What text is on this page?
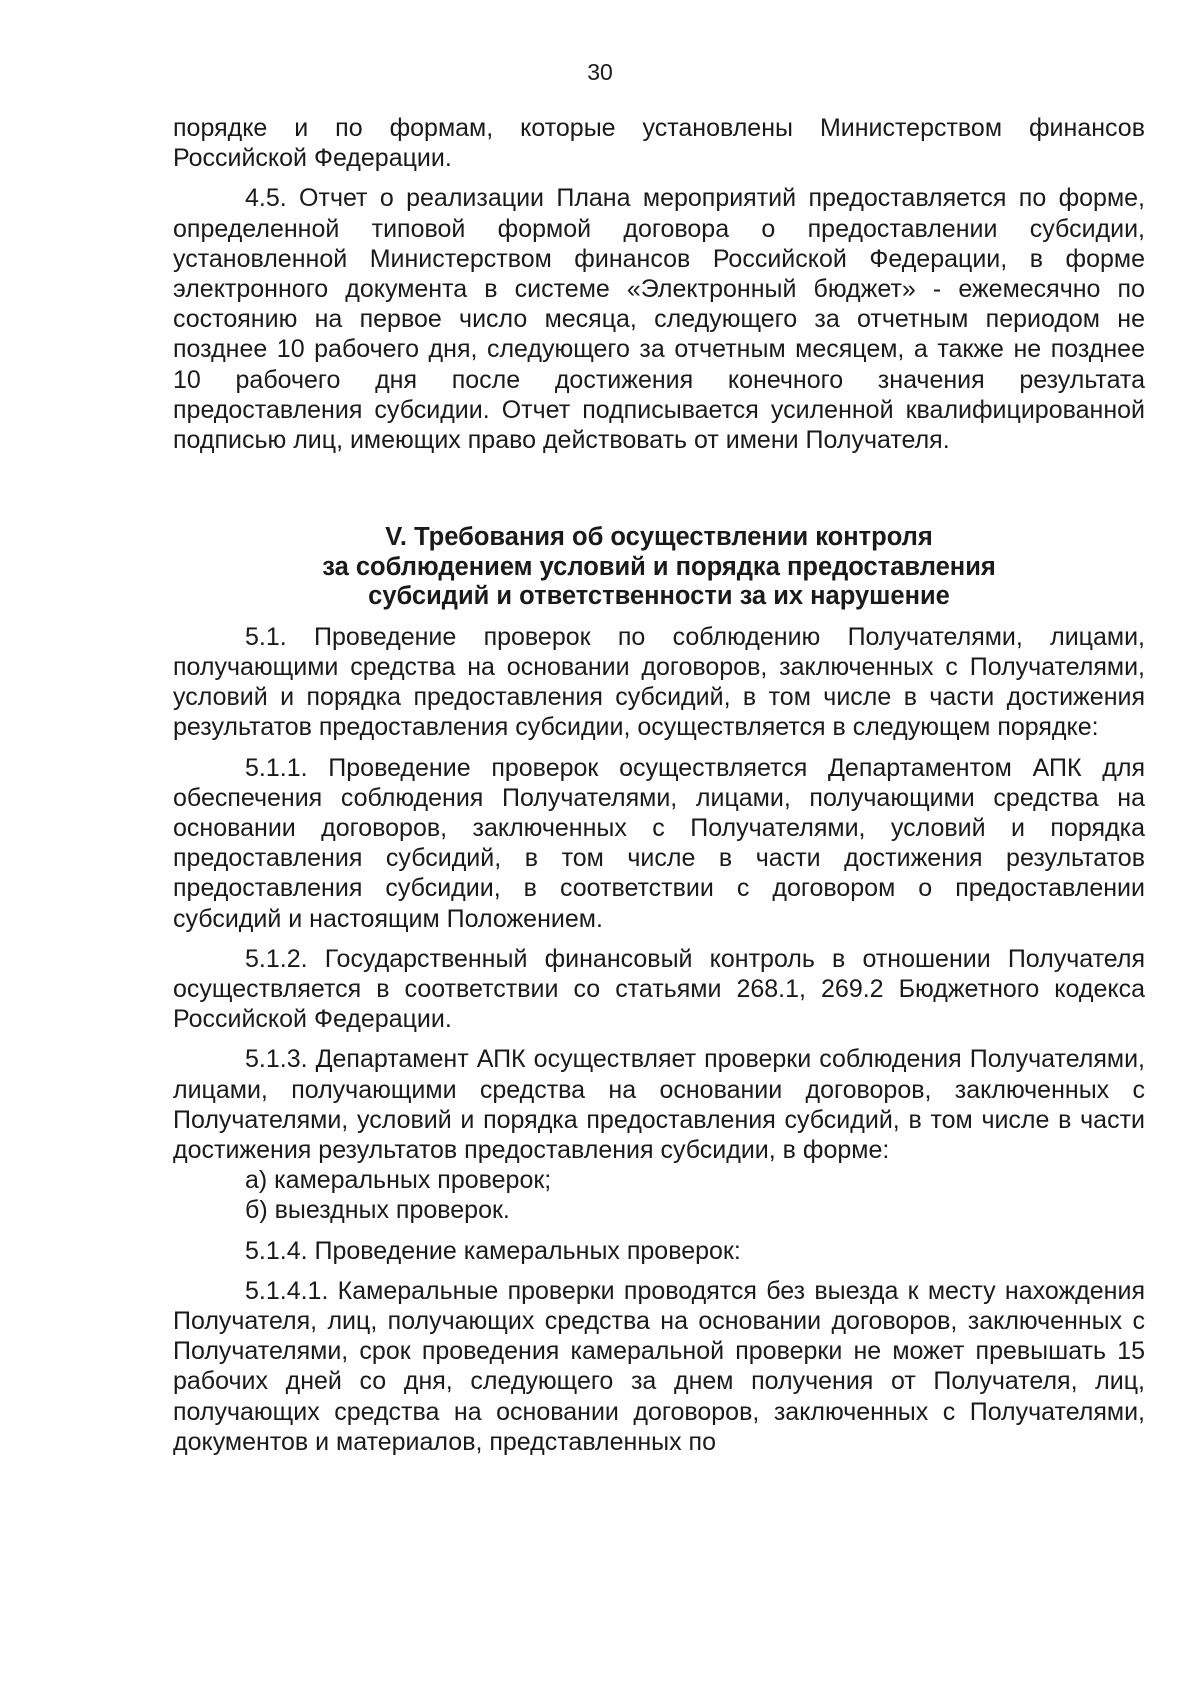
30

порядке и по формам, которые установлены Министерством финансов Российской Федерации.

4.5. Отчет о реализации Плана мероприятий предоставляется по форме, определенной типовой формой договора о предоставлении субсидии, установленной Министерством финансов Российской Федерации, в форме электронного документа в системе «Электронный бюджет» - ежемесячно по состоянию на первое число месяца, следующего за отчетным периодом не позднее 10 рабочего дня, следующего за отчетным месяцем, а также не позднее 10 рабочего дня после достижения конечного значения результата предоставления субсидии. Отчет подписывается усиленной квалифицированной подписью лиц, имеющих право действовать от имени Получателя.

V. Требования об осуществлении контроля
за соблюдением условий и порядка предоставления
субсидий и ответственности за их нарушение

5.1. Проведение проверок по соблюдению Получателями, лицами, получающими средства на основании договоров, заключенных с Получателями, условий и порядка предоставления субсидий, в том числе в части достижения результатов предоставления субсидии, осуществляется в следующем порядке:

5.1.1. Проведение проверок осуществляется Департаментом АПК для обеспечения соблюдения Получателями, лицами, получающими средства на основании договоров, заключенных с Получателями, условий и порядка предоставления субсидий, в том числе в части достижения результатов предоставления субсидии, в соответствии с договором о предоставлении субсидий и настоящим Положением.

5.1.2. Государственный финансовый контроль в отношении Получателя осуществляется в соответствии со статьями 268.1, 269.2 Бюджетного кодекса Российской Федерации.

5.1.3. Департамент АПК осуществляет проверки соблюдения Получателями, лицами, получающими средства на основании договоров, заключенных с Получателями, условий и порядка предоставления субсидий, в том числе в части достижения результатов предоставления субсидии, в форме:

а) камеральных проверок;

б) выездных проверок.

5.1.4. Проведение камеральных проверок:

5.1.4.1. Камеральные проверки проводятся без выезда к месту нахождения Получателя, лиц, получающих средства на основании договоров, заключенных с Получателями, срок проведения камеральной проверки не может превышать 15 рабочих дней со дня, следующего за днем получения от Получателя, лиц, получающих средства на основании договоров, заключенных с Получателями, документов и материалов, представленных по
